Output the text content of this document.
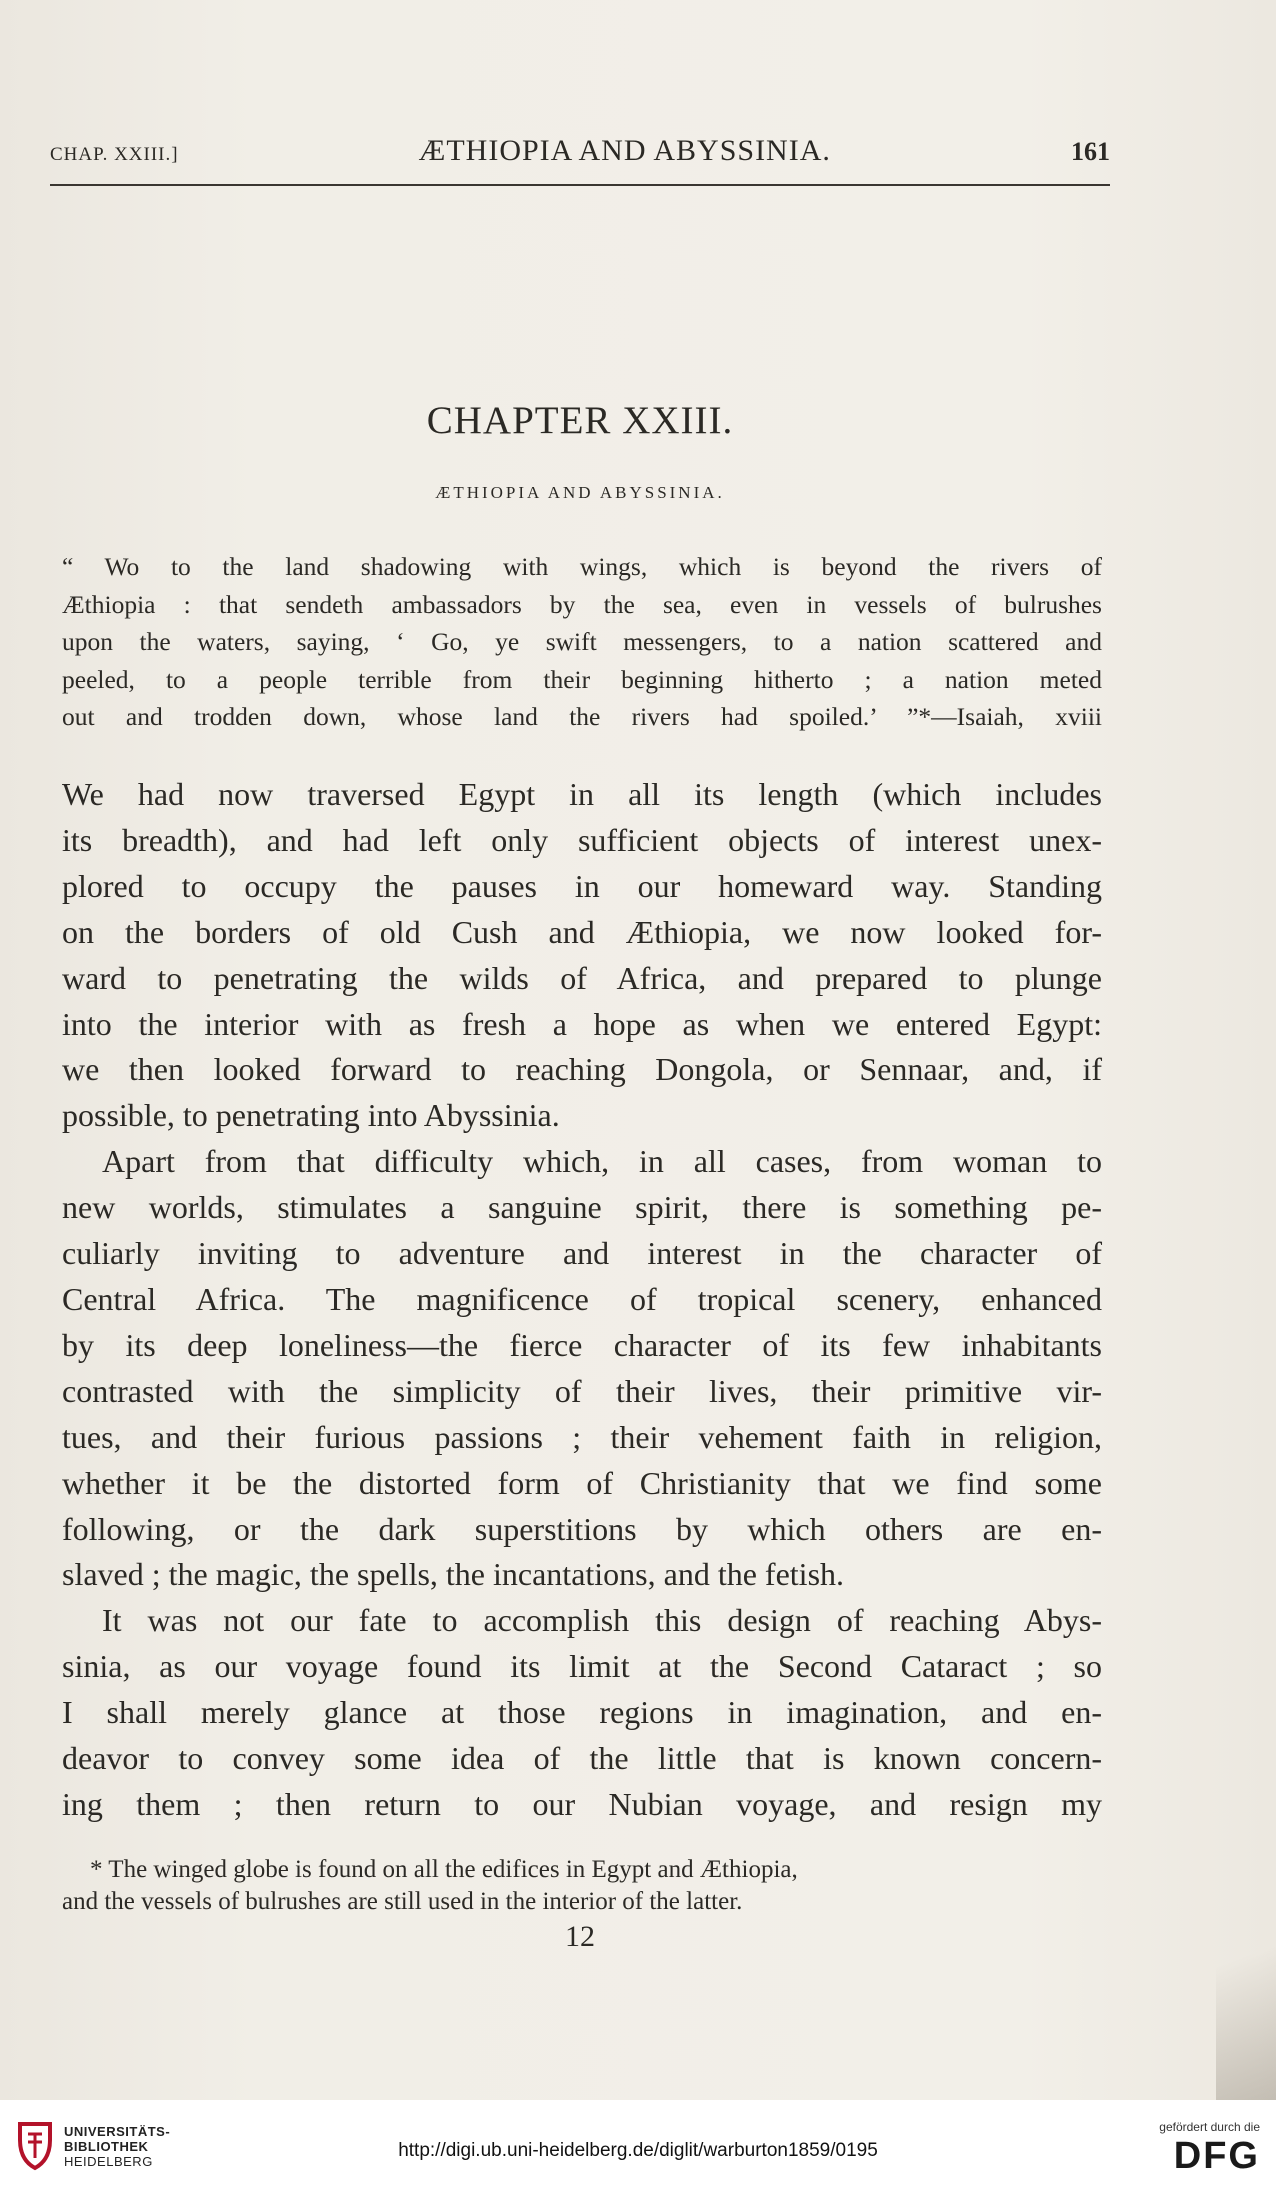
CHAP. XXIII.]	ÆTHIOPIA AND ABYSSINIA.	161
CHAPTER XXIII.
ÆTHIOPIA AND ABYSSINIA.
“ Wo to the land shadowing with wings, which is beyond the rivers of
Æthiopia : that sendeth ambassadors by the sea, even in vessels of bulrushes
upon the waters, saying, ‘ Go, ye swift messengers, to a nation scattered and
peeled, to a people terrible from their beginning hitherto ; a nation meted
out and trodden down, whose land the rivers had spoiled.’ ”*—Isaiah, xviii
We had now traversed Egypt in all its length (which includes
its breadth), and had left only sufficient objects of interest unex-
plored to occupy the pauses in our homeward way. Standing
on the borders of old Cush and Æthiopia, we now looked for-
ward to penetrating the wilds of Africa, and prepared to plunge
into the interior with as fresh a hope as when we entered Egypt:
we then looked forward to reaching Dongola, or Sennaar, and, if
possible, to penetrating into Abyssinia.
Apart from that difficulty which, in all cases, from woman to
new worlds, stimulates a sanguine spirit, there is something pe-
culiarly inviting to adventure and interest in the character of
Central Africa. The magnificence of tropical scenery, enhanced
by its deep loneliness—the fierce character of its few inhabitants
contrasted with the simplicity of their lives, their primitive vir-
tues, and their furious passions ; their vehement faith in religion,
whether it be the distorted form of Christianity that we find some
following, or the dark superstitions by which others are en-
slaved ; the magic, the spells, the incantations, and the fetish.
It was not our fate to accomplish this design of reaching Abys-
sinia, as our voyage found its limit at the Second Cataract ; so
I shall merely glance at those regions in imagination, and en-
deavor to convey some idea of the little that is known concern-
ing them ; then return to our Nubian voyage, and resign my
* The winged globe is found on all the edifices in Egypt and Æthiopia,
and the vessels of bulrushes are still used in the interior of the latter.
12
UNIVERSITÄTS-
BIBLIOTHEK
HEIDELBERG	http://digi.ub.uni-heidelberg.de/diglit/warburton1859/0195
gefördert durch die
DFG
